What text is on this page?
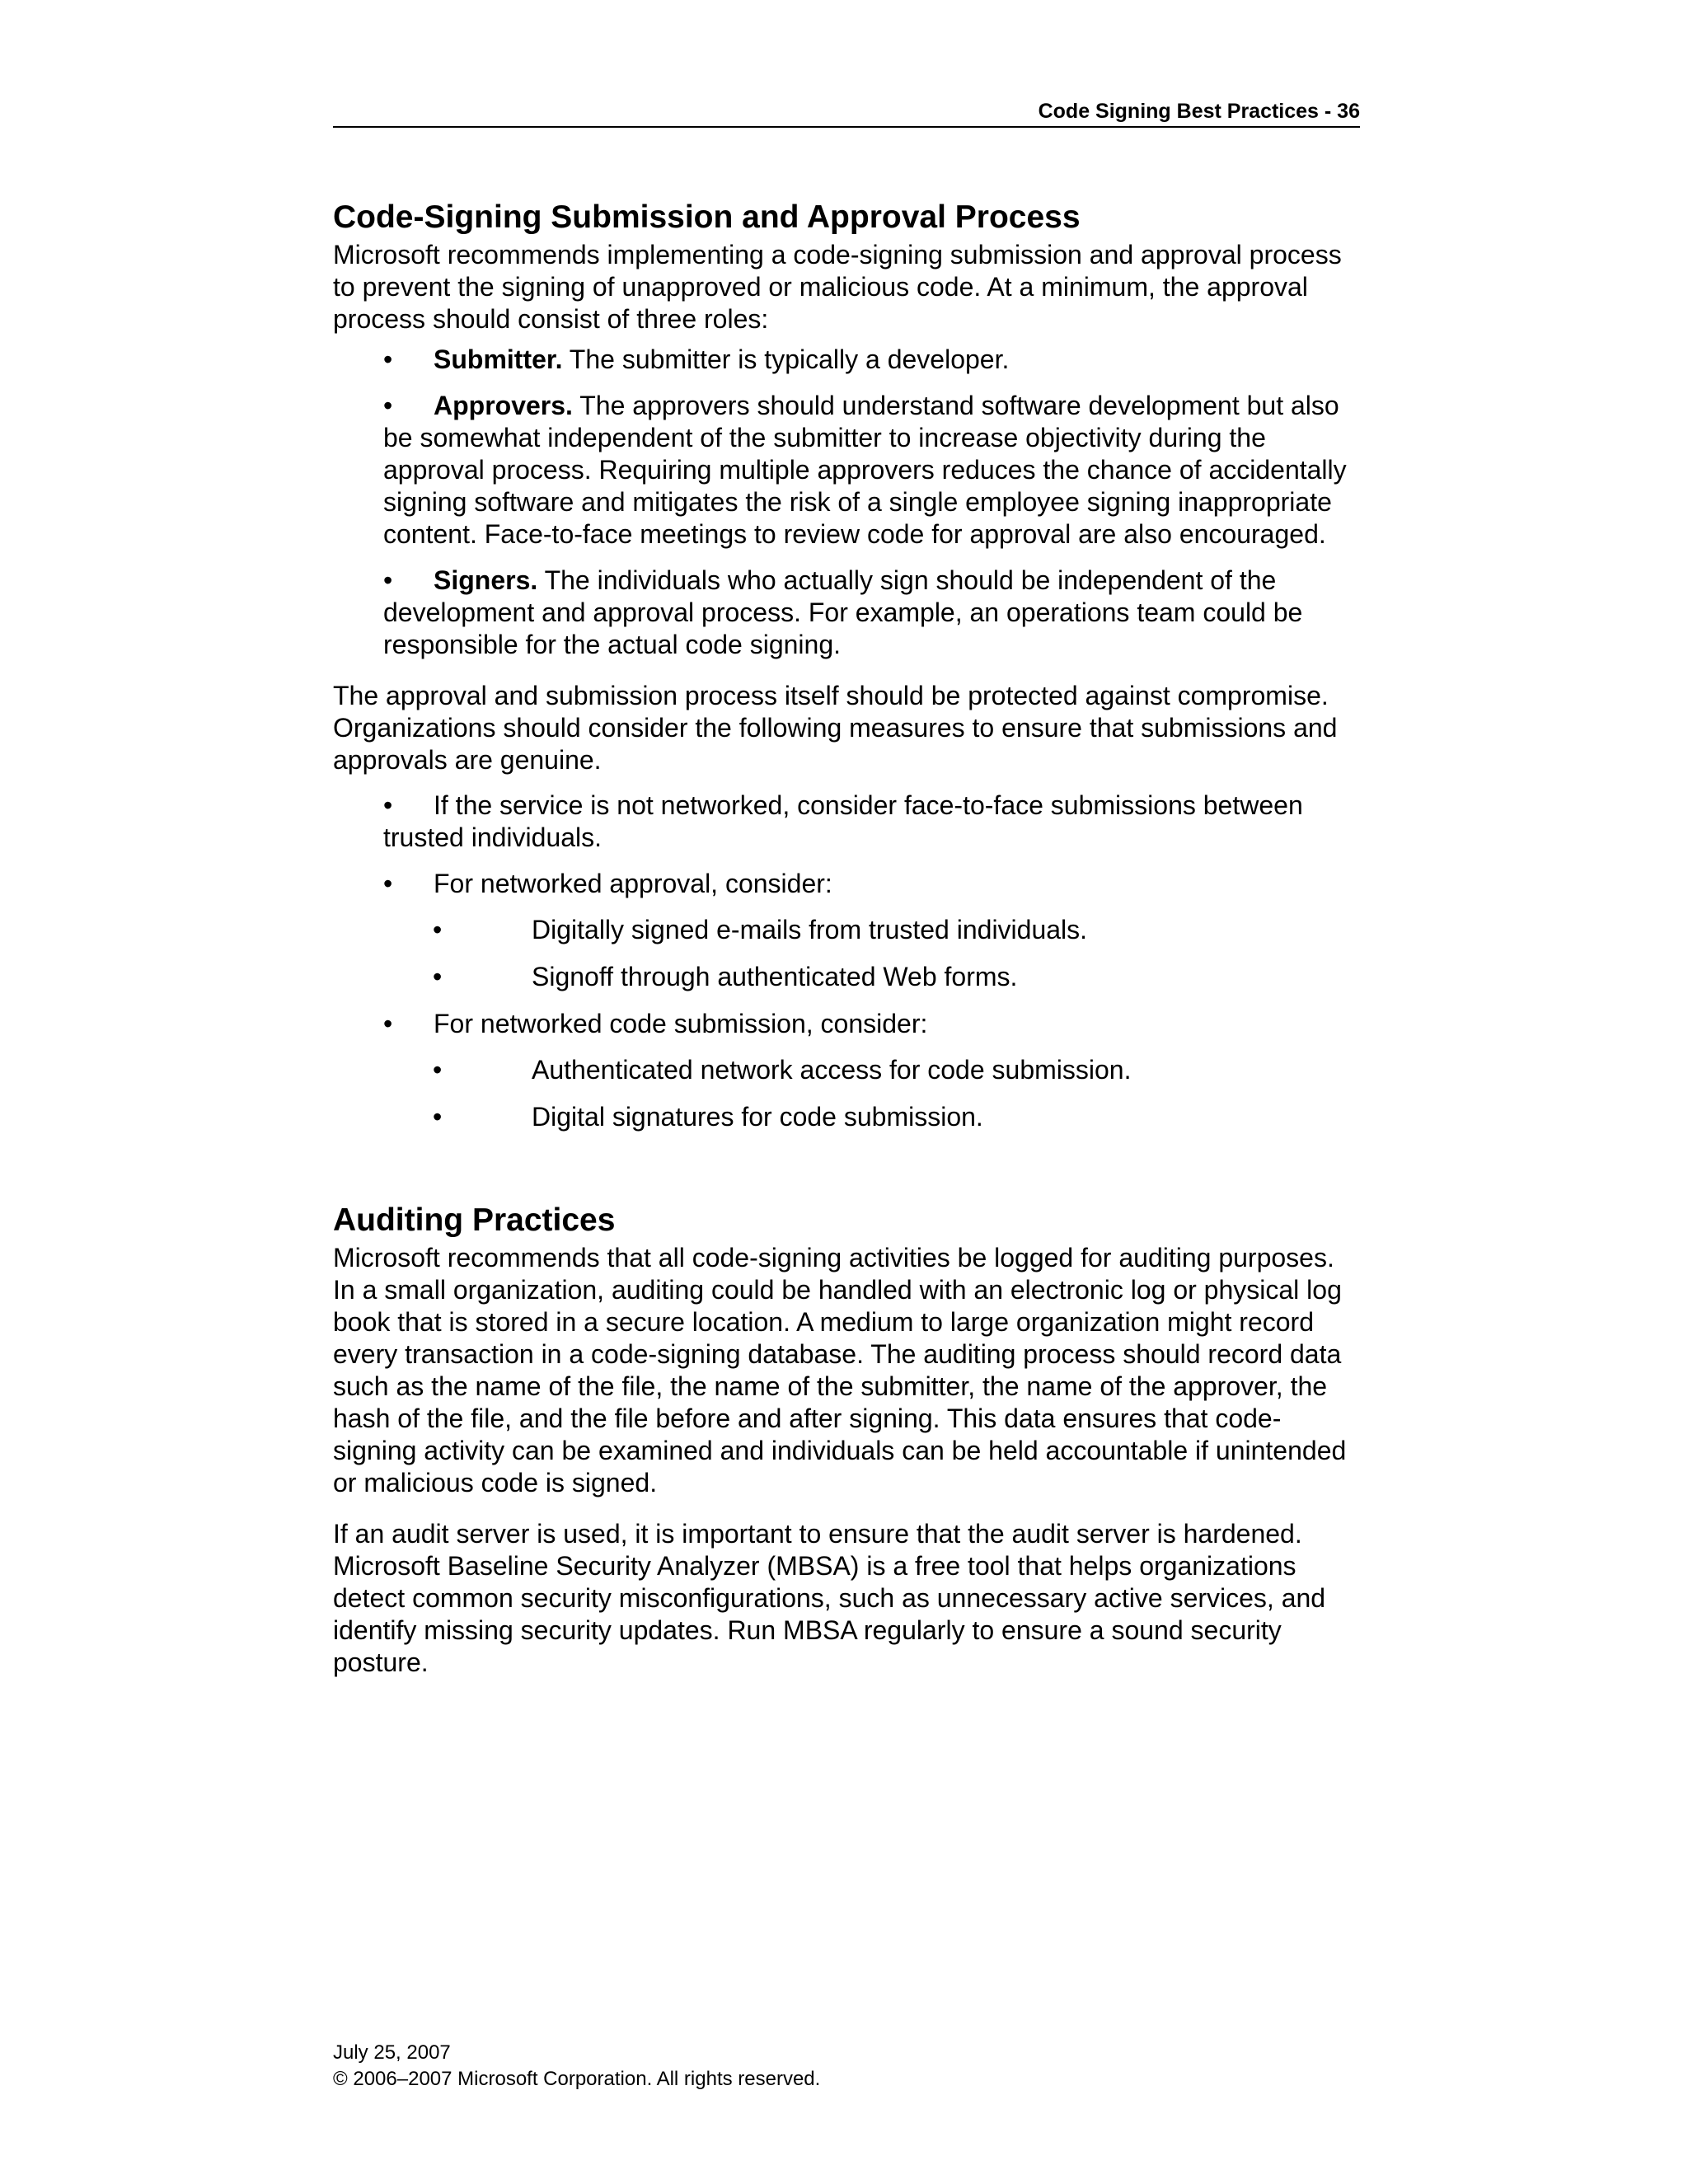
Code Signing Best Practices - 36
Code-Signing Submission and Approval Process

Microsoft recommends implementing a code-signing submission and approval process to prevent the signing of unapproved or malicious code. At a minimum, the approval process should consist of three roles:

• Submitter. The submitter is typically a developer.
• Approvers. The approvers should understand software development but also be somewhat independent of the submitter to increase objectivity during the approval process. Requiring multiple approvers reduces the chance of accidentally signing software and mitigates the risk of a single employee signing inappropriate content. Face-to-face meetings to review code for approval are also encouraged.
• Signers. The individuals who actually sign should be independent of the development and approval process. For example, an operations team could be responsible for the actual code signing.

The approval and submission process itself should be protected against compromise. Organizations should consider the following measures to ensure that submissions and approvals are genuine.

• If the service is not networked, consider face-to-face submissions between trusted individuals.
• For networked approval, consider:
•	Digitally signed e-mails from trusted individuals.
•	Signoff through authenticated Web forms.
• For networked code submission, consider:
•	Authenticated network access for code submission.
•	Digital signatures for code submission.
Auditing Practices

Microsoft recommends that all code-signing activities be logged for auditing purposes. In a small organization, auditing could be handled with an electronic log or physical log book that is stored in a secure location. A medium to large organization might record every transaction in a code-signing database. The auditing process should record data such as the name of the file, the name of the submitter, the name of the approver, the hash of the file, and the file before and after signing. This data ensures that code-signing activity can be examined and individuals can be held accountable if unintended or malicious code is signed.

If an audit server is used, it is important to ensure that the audit server is hardened. Microsoft Baseline Security Analyzer (MBSA) is a free tool that helps organizations detect common security misconfigurations, such as unnecessary active services, and identify missing security updates. Run MBSA regularly to ensure a sound security posture.

July 25, 2007
© 2006–2007 Microsoft Corporation. All rights reserved.
